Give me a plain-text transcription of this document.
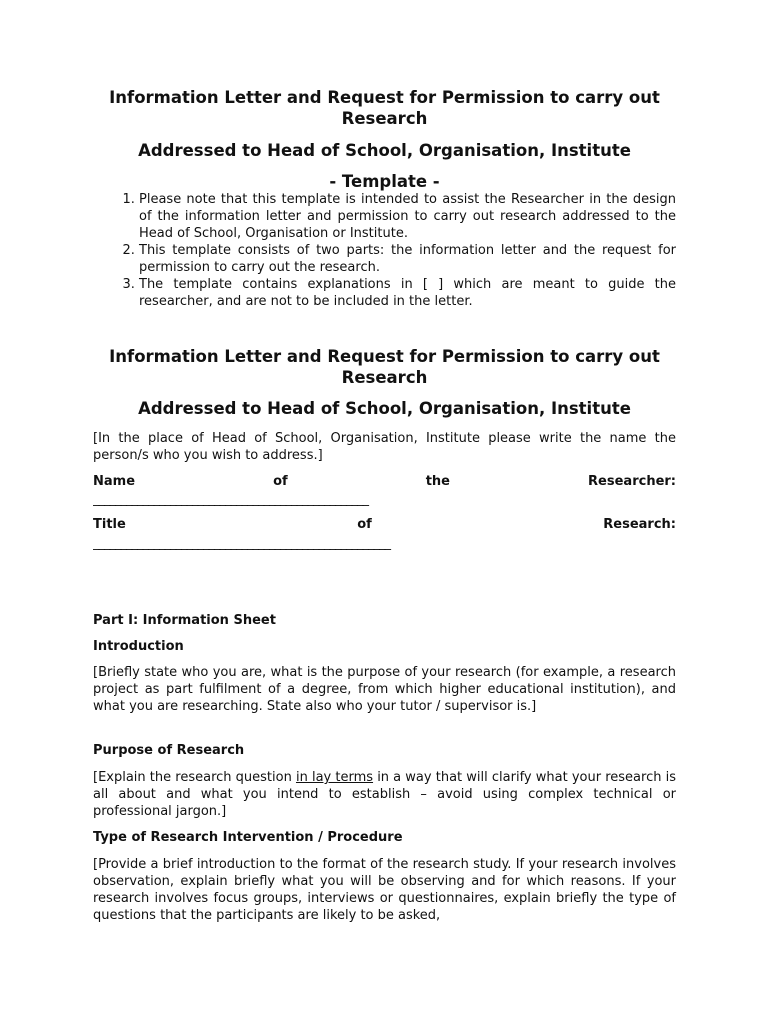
Information Letter and Request for Permission to carry out Research
Addressed to Head of School, Organisation, Institute
- Template -
1. Please note that this template is intended to assist the Researcher in the design of the information letter and permission to carry out research addressed to the Head of School, Organisation or Institute.
2. This template consists of two parts: the information letter and the request for permission to carry out the research.
3. The template contains explanations in [ ] which are meant to guide the researcher, and are not to be included in the letter.
Information Letter and Request for Permission to carry out Research
Addressed to Head of School, Organisation, Institute
[In the place of Head of School, Organisation, Institute please write the name the person/s who you wish to address.]
Name	of	the	Researcher:
__________________________________________________
Title	of	Research:
______________________________________________________
Part I: Information Sheet
Introduction
[Briefly state who you are, what is the purpose of your research (for example, a research project as part fulfilment of a degree, from which higher educational institution), and what you are researching. State also who your tutor / supervisor is.]
Purpose of Research
[Explain the research question in lay terms in a way that will clarify what your research is all about and what you intend to establish – avoid using complex technical or professional jargon.]
Type of Research Intervention / Procedure
[Provide a brief introduction to the format of the research study. If your research involves observation, explain briefly what you will be observing and for which reasons. If your research involves focus groups, interviews or questionnaires, explain briefly the type of questions that the participants are likely to be asked,
